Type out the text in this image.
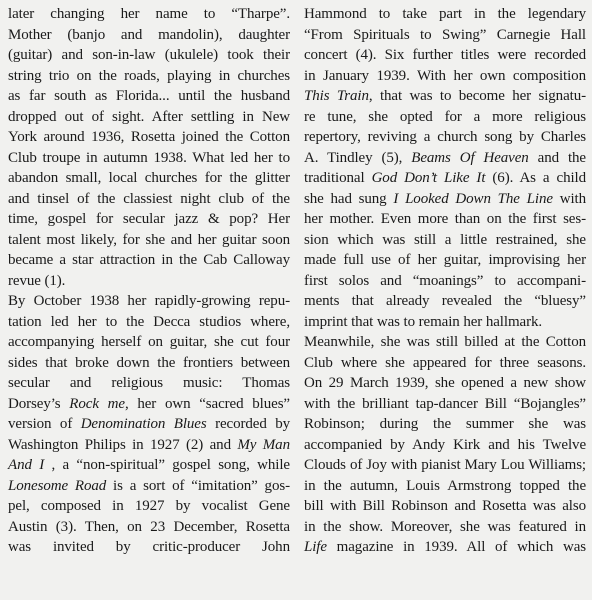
later changing her name to “Tharpe”.
Mother (banjo and mandolin), daughter
(guitar) and son-in-law (ukulele) took their
string trio on the roads, playing in churches
as far south as Florida... until the husband
dropped out of sight. After settling in New
York around 1936, Rosetta joined the Cotton
Club troupe in autumn 1938. What led her to
abandon small, local churches for the glitter
and tinsel of the classiest night club of the
time, gospel for secular jazz & pop? Her
talent most likely, for she and her guitar soon
became a star attraction in the Cab Calloway
revue (1).
By October 1938 her rapidly-growing repu-
tation led her to the Decca studios where,
accompanying herself on guitar, she cut four
sides that broke down the frontiers between
secular and religious music: Thomas
Dorsey’s Rock me, her own “sacred blues”
version of Denomination Blues recorded by
Washington Philips in 1927 (2) and My Man
And I , a “non-spiritual” gospel song, while
Lonesome Road is a sort of “imitation” gos-
pel, composed in 1927 by vocalist Gene
Austin (3). Then, on 23 December, Rosetta
was invited by critic-producer John
Hammond to take part in the legendary
“From Spirituals to Swing” Carnegie Hall
concert (4). Six further titles were recorded
in January 1939. With her own composition
This Train, that was to become her signatu-
re tune, she opted for a more religious
repertory, reviving a church song by Charles
A. Tindley (5), Beams Of Heaven and the
traditional God Don’t Like It (6). As a child
she had sung I Looked Down The Line with
her mother. Even more than on the first ses-
sion which was still a little restrained, she
made full use of her guitar, improvising her
first solos and “moanings” to accompani-
ments that already revealed the “bluesy”
imprint that was to remain her hallmark.
Meanwhile, she was still billed at the Cotton
Club where she appeared for three seasons.
On 29 March 1939, she opened a new show
with the brilliant tap-dancer Bill “Bojangles”
Robinson; during the summer she was
accompanied by Andy Kirk and his Twelve
Clouds of Joy with pianist Mary Lou Williams;
in the autumn, Louis Armstrong topped the
bill with Bill Robinson and Rosetta was also
in the show. Moreover, she was featured in
Life magazine in 1939. All of which was
